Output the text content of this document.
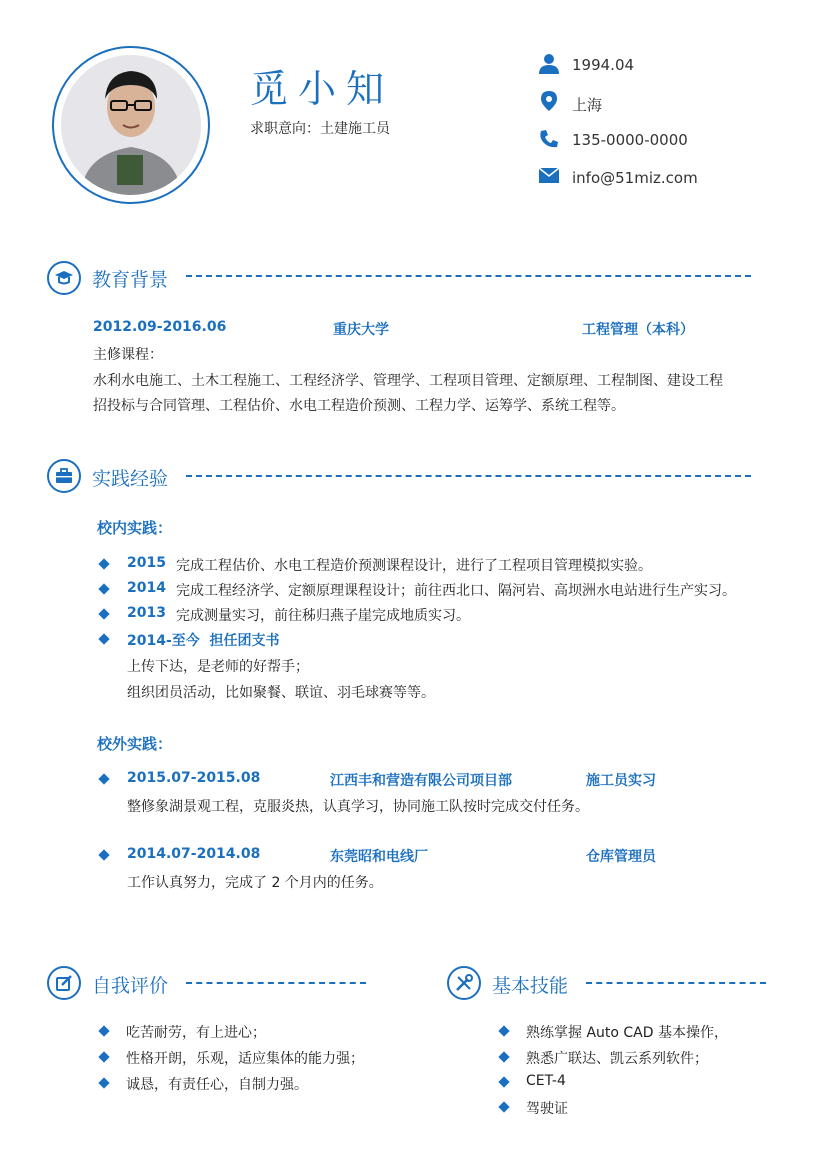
觅小知
求职意向：土建施工员
1994.04
上海
135-0000-0000
info@51miz.com
教育背景
2012.09-2016.06	重庆大学	工程管理（本科）
主修课程：
水利水电施工、土木工程施工、工程经济学、管理学、工程项目管理、定额原理、工程制图、建设工程
招投标与合同管理、工程估价、水电工程造价预测、工程力学、运筹学、系统工程等。
实践经验
校内实践：
2015 完成工程估价、水电工程造价预测课程设计，进行了工程项目管理模拟实验。
2014 完成工程经济学、定额原理课程设计；前往西北口、隔河岩、高坝洲水电站进行生产实习。
2013 完成测量实习，前往秭归燕子崖完成地质实习。
2014-至今  担任团支书
上传下达，是老师的好帮手；
组织团员活动，比如聚餐、联谊、羽毛球赛等等。
校外实践：
2015.07-2015.08	江西丰和营造有限公司项目部	施工员实习
整修象湖景观工程，克服炎热，认真学习，协同施工队按时完成交付任务。
2014.07-2014.08	东莞昭和电线厂	仓库管理员
工作认真努力，完成了 2 个月内的任务。
自我评价
吃苦耐劳，有上进心；
性格开朗，乐观，适应集体的能力强；
诚恳，有责任心，自制力强。
基本技能
熟练掌握 Auto CAD 基本操作，
熟悉广联达、凯云系列软件；
CET-4
驾驶证
